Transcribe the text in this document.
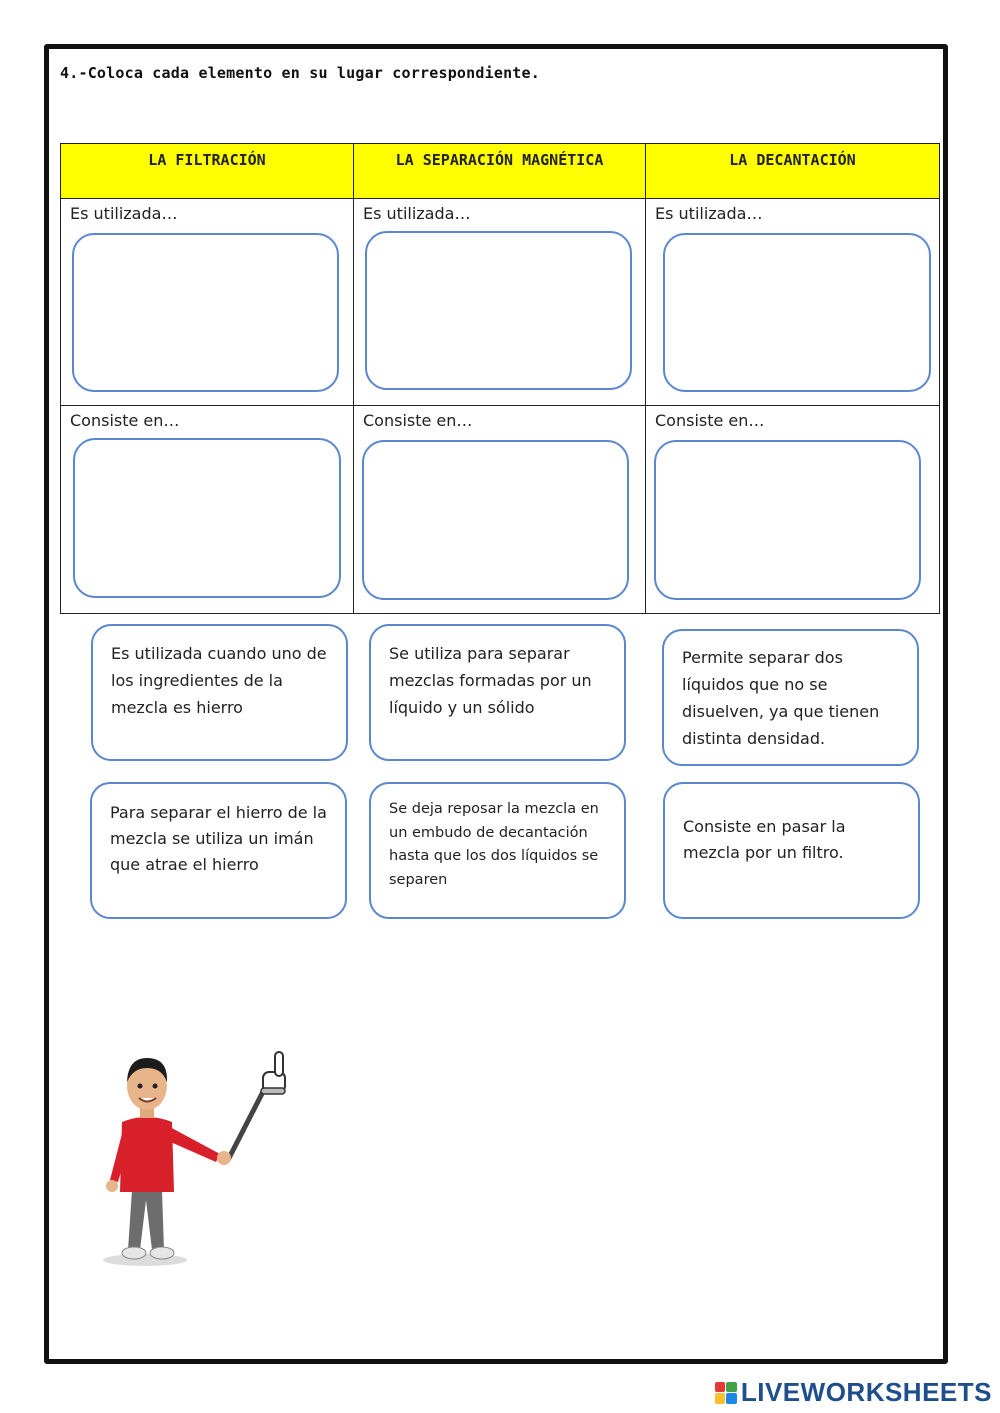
4.-Coloca cada elemento en su lugar correspondiente.
LA FILTRACIÓN	LA SEPARACIÓN MAGNÉTICA	LA DECANTACIÓN

Es utilizada…	Es utilizada…	Es utilizada…

Consiste en…	Consiste en…	Consiste en…
Es utilizada cuando uno de los ingredientes de la mezcla es hierro
Se utiliza para separar mezclas formadas por un líquido y un sólido
Permite separar dos líquidos que no se disuelven, ya que tienen distinta densidad.
Para separar el hierro de la mezcla se utiliza un imán que atrae el hierro
Se deja reposar la mezcla en un embudo de decantación hasta que los dos líquidos se separen
Consiste en pasar la mezcla por un filtro.
LIVEWORKSHEETS
